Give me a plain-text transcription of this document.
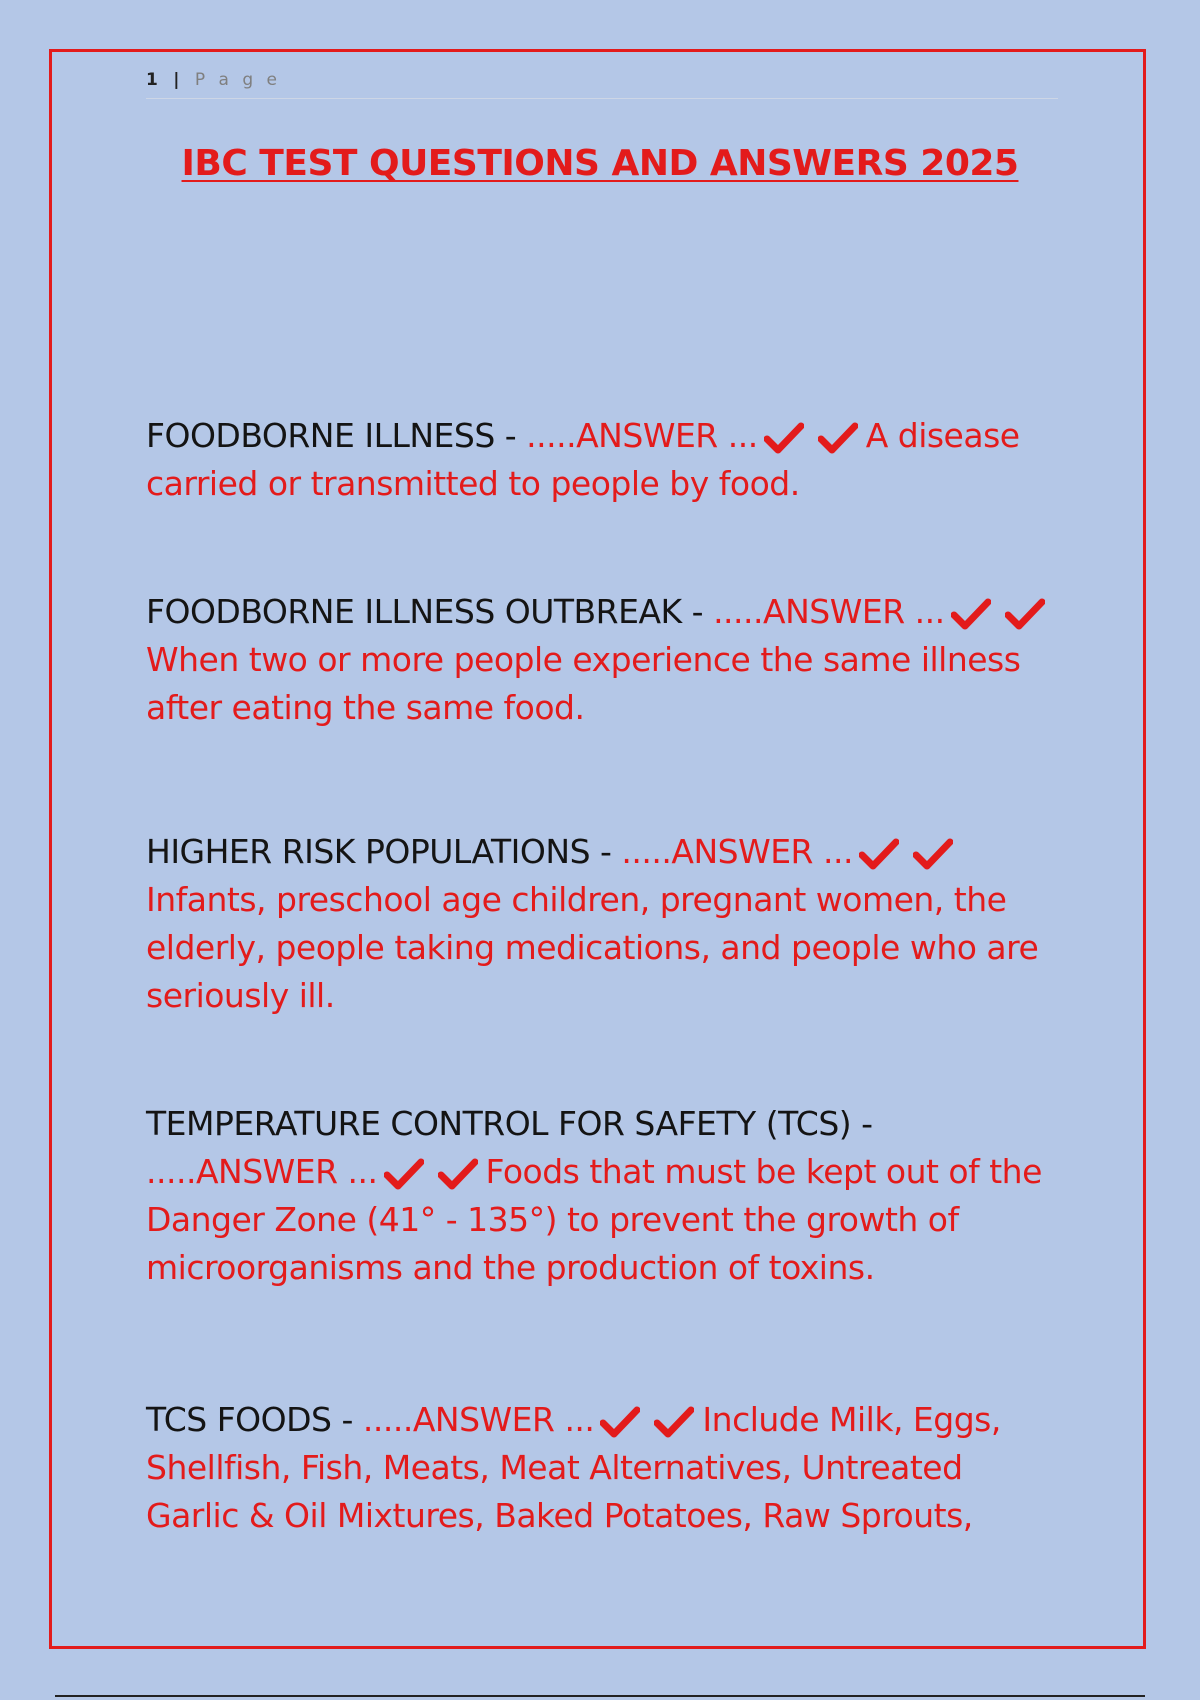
1 | P a g e
IBC TEST QUESTIONS AND ANSWERS 2025
FOODBORNE ILLNESS - .....ANSWER ...	A disease carried or transmitted to people by food.
FOODBORNE ILLNESS OUTBREAK - .....ANSWER ...
When two or more people experience the same illness after eating the same food.
HIGHER RISK POPULATIONS - .....ANSWER ...
Infants, preschool age children, pregnant women, the elderly, people taking medications, and people who are seriously ill.
TEMPERATURE CONTROL FOR SAFETY (TCS) - .....ANSWER ...	Foods that must be kept out of the Danger Zone (41° - 135°) to prevent the growth of microorganisms and the production of toxins.
TCS FOODS - .....ANSWER ...	Include Milk, Eggs, Shellfish, Fish, Meats, Meat Alternatives, Untreated Garlic & Oil Mixtures, Baked Potatoes, Raw Sprouts,
